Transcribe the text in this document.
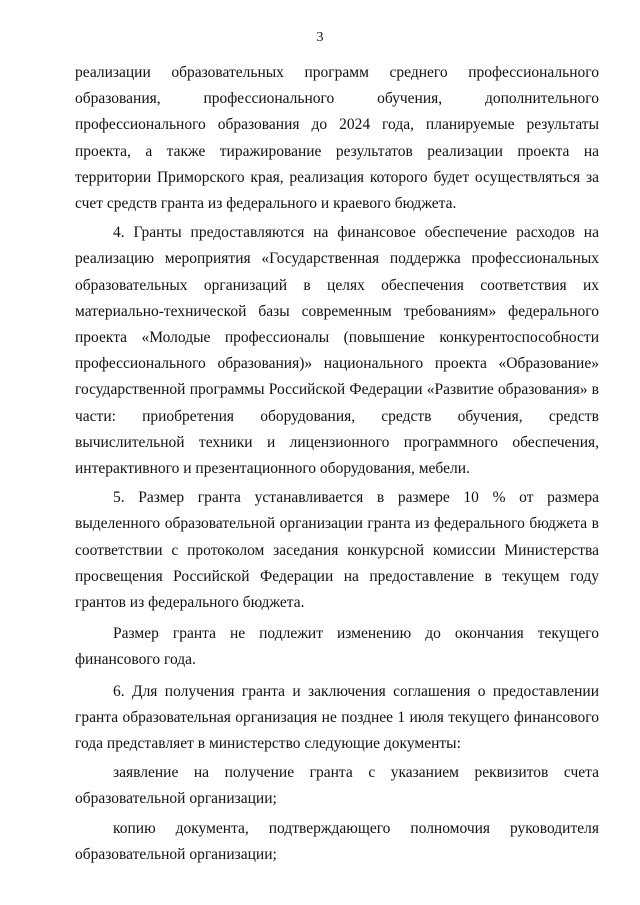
3

реализации образовательных программ среднего профессионального образования, профессионального обучения, дополнительного профессионального образования до 2024 года, планируемые результаты проекта, а также тиражирование результатов реализации проекта на территории Приморского края, реализация которого будет осуществляться за счет средств гранта из федерального и краевого бюджета.

4. Гранты предоставляются на финансовое обеспечение расходов на реализацию мероприятия «Государственная поддержка профессиональных образовательных организаций в целях обеспечения соответствия их материально-технической базы современным требованиям» федерального проекта «Молодые профессионалы (повышение конкурентоспособности профессионального образования)» национального проекта «Образование» государственной программы Российской Федерации «Развитие образования» в части: приобретения оборудования, средств обучения, средств вычислительной техники и лицензионного программного обеспечения, интерактивного и презентационного оборудования, мебели.

5. Размер гранта устанавливается в размере 10 % от размера выделенного образовательной организации гранта из федерального бюджета в соответствии с протоколом заседания конкурсной комиссии Министерства просвещения Российской Федерации на предоставление в текущем году грантов из федерального бюджета.

Размер гранта не подлежит изменению до окончания текущего финансового года.

6. Для получения гранта и заключения соглашения о предоставлении гранта образовательная организация не позднее 1 июля текущего финансового года представляет в министерство следующие документы:

заявление на получение гранта с указанием реквизитов счета образовательной организации;

копию документа, подтверждающего полномочия руководителя образовательной организации;
